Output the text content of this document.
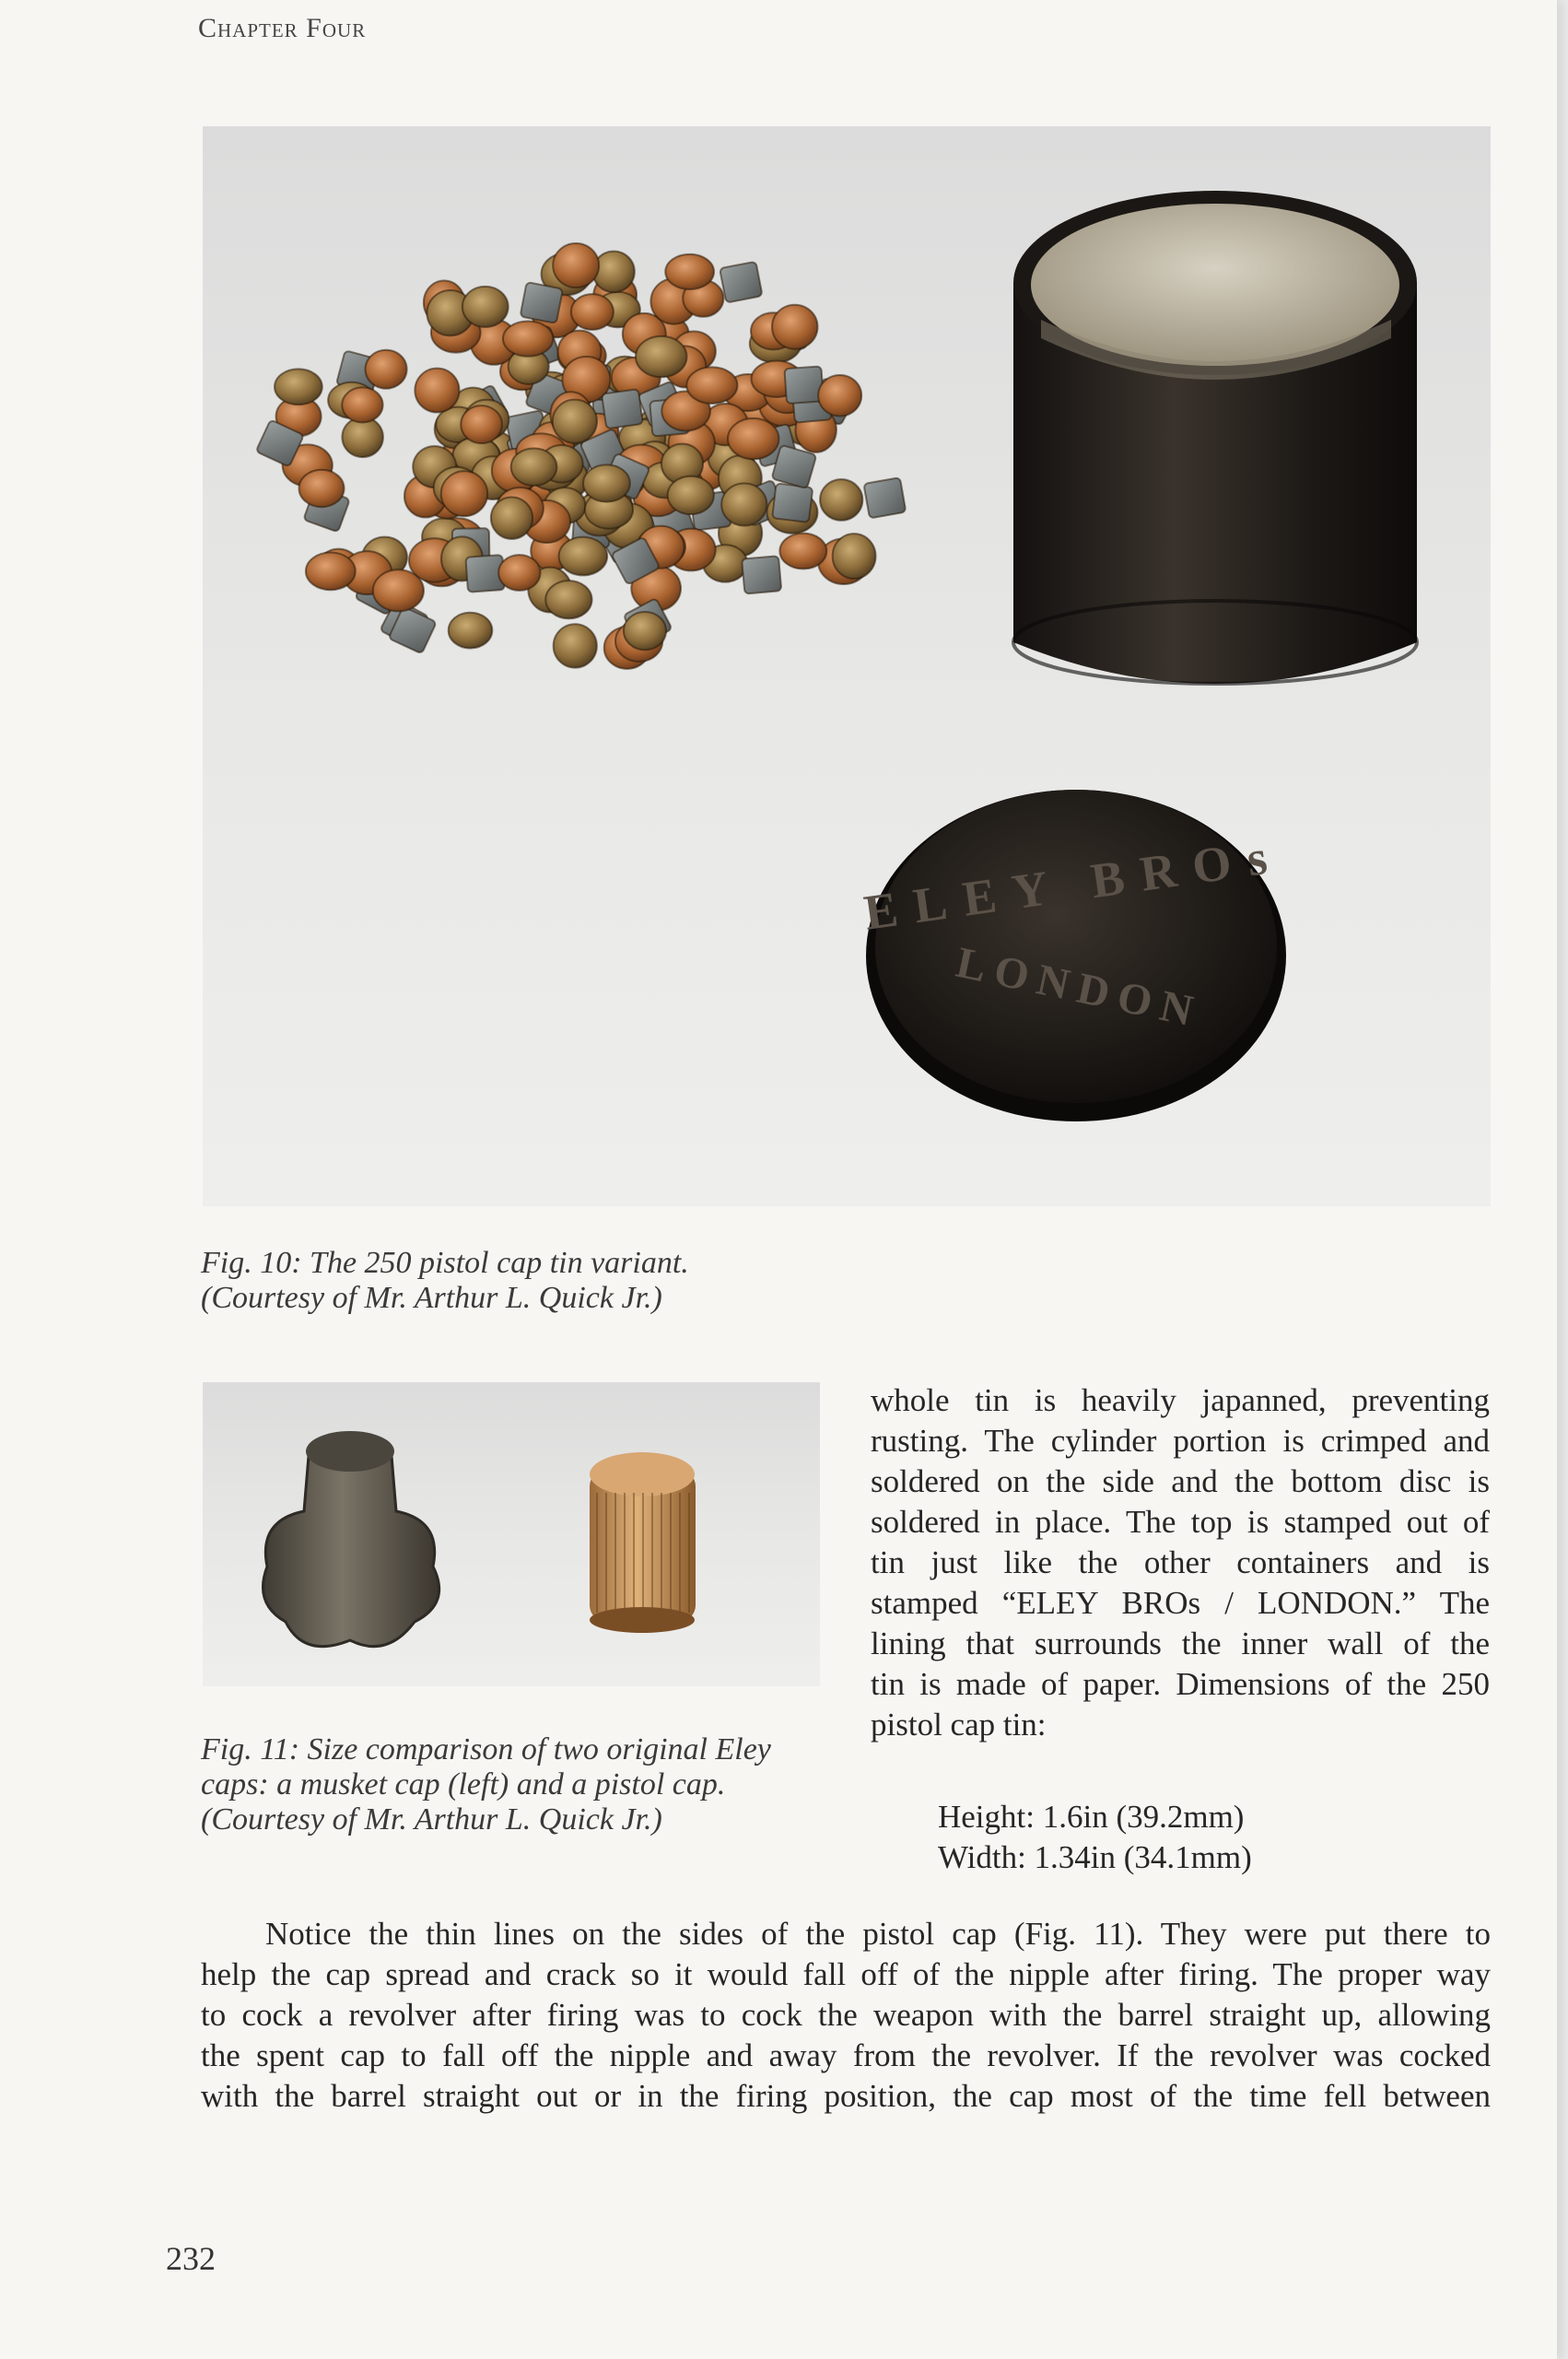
Chapter Four
ELEY BROs
LONDON
Fig. 10: The 250 pistol cap tin variant.
(Courtesy of Mr. Arthur L. Quick Jr.)
Fig. 11: Size comparison of two original Eley
caps: a musket cap (left) and a pistol cap.
(Courtesy of Mr. Arthur L. Quick Jr.)
whole tin is heavily japanned, preventing
rusting. The cylinder portion is crimped and
soldered on the side and the bottom disc is
soldered in place. The top is stamped out of
tin just like the other containers and is
stamped “ELEY BROs / LONDON.” The
lining that surrounds the inner wall of the
tin is made of paper. Dimensions of the 250
pistol cap tin:
Height: 1.6in (39.2mm)
Width: 1.34in (34.1mm)
Notice the thin lines on the sides of the pistol cap (Fig. 11). They were put there to
help the cap spread and crack so it would fall off of the nipple after firing. The proper way
to cock a revolver after firing was to cock the weapon with the barrel straight up, allowing
the spent cap to fall off the nipple and away from the revolver. If the revolver was cocked
with the barrel straight out or in the firing position, the cap most of the time fell between
232
